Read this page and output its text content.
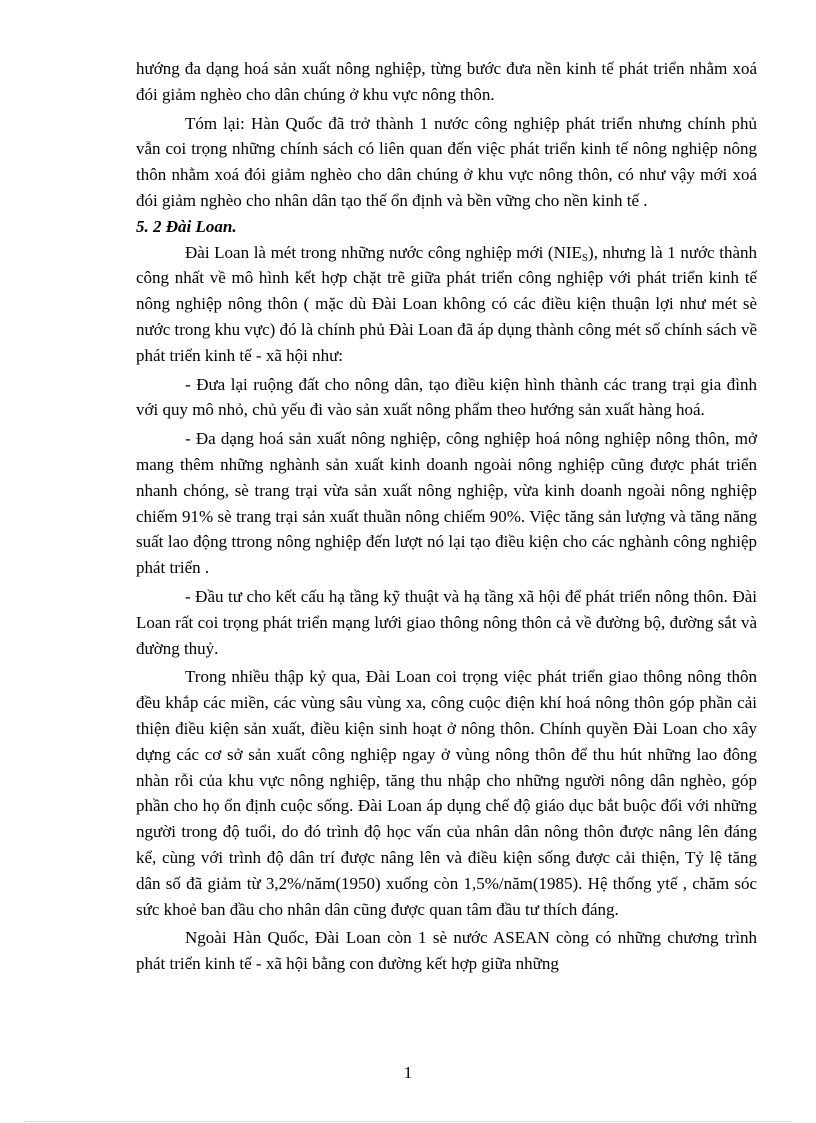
hướng đa dạng hoá sản xuất nông nghiệp, từng bước đưa nền kinh tế phát triển nhằm xoá đói giảm nghèo cho dân chúng ở khu vực nông thôn.

Tóm lại: Hàn Quốc đã trở thành 1 nước công nghiệp phát triển nhưng chính phủ vẫn coi trọng những chính sách có liên quan đến việc phát triển kinh tế nông nghiệp nông thôn nhằm xoá đói giảm nghèo cho dân chúng ở khu vực nông thôn, có như vậy mới xoá đói giảm nghèo cho nhân dân tạo thế ổn định và bền vững cho nền kinh tế .

5. 2 Đài Loan.

Đài Loan là mét trong những nước công nghiệp mới $(NIE_S)$, nhưng là 1 nước thành công nhất về mô hình kết hợp chặt trẽ giữa phát triển công nghiệp với phát triển kinh tế nông nghiệp nông thôn ( mặc dù Đài Loan không có các điều kiện thuận lợi như mét sè nước trong khu vực) đó là chính phủ Đài Loan đã áp dụng thành công mét số chính sách về phát triển kinh tế - xã hội như:

- Đưa lại ruộng đất cho nông dân, tạo điều kiện hình thành các trang trại gia đình với quy mô nhỏ, chủ yếu đi vào sản xuất nông phẩm theo hướng sản xuất hàng hoá.

- Đa dạng hoá sản xuất nông nghiệp, công nghiệp hoá nông nghiệp nông thôn, mở mang thêm những nghành sản xuất kinh doanh ngoài nông nghiệp cũng được phát triển nhanh chóng, sè trang trại vừa sản xuất nông nghiệp, vừa kinh doanh ngoài nông nghiệp chiếm 91% sè trang trại sản xuất thuần nông chiếm 90%. Việc tăng sản lượng và tăng năng suất lao động ttrong nông nghiệp đến lượt nó lại tạo điều kiện cho các nghành công nghiệp phát triển .

- Đầu tư cho kết cấu hạ tầng kỹ thuật và hạ tầng xã hội để phát triển nông thôn. Đài Loan rất coi trọng phát triển mạng lưới giao thông nông thôn cả về đường bộ, đường sắt và đường thuỷ.

Trong nhiều thập kỷ qua, Đài Loan coi trọng việc phát triển giao thông nông thôn đều khắp các miền, các vùng sâu vùng xa, công cuộc điện khí hoá nông thôn góp phần cải thiện điều kiện sản xuất, điều kiện sinh hoạt ở nông thôn. Chính quyền Đài Loan cho xây dựng các cơ sở sản xuất công nghiệp ngay ở vùng nông thôn để thu hút những lao đông nhàn rỗi của khu vực nông nghiệp, tăng thu nhập cho những người nông dân nghèo, góp phần cho họ ổn định cuộc sống. Đài Loan áp dụng chế độ giáo dục bắt buộc đối với những người trong độ tuổi, do đó trình độ học vấn của nhân dân nông thôn được nâng lên đáng kể, cùng với trình độ dân trí được nâng lên và điều kiện sống được cải thiện, Tỷ lệ tăng dân số đã giảm từ 3,2%/năm(1950) xuống còn 1,5%/năm(1985). Hệ thống ytế , chăm sóc sức khoẻ ban đầu cho nhân dân cũng được quan tâm đầu tư thích đáng.

Ngoài Hàn Quốc, Đài Loan còn 1 sè nước ASEAN còng có những chương trình phát triển kinh tế - xã hội bằng con đường kết hợp giữa những

1
